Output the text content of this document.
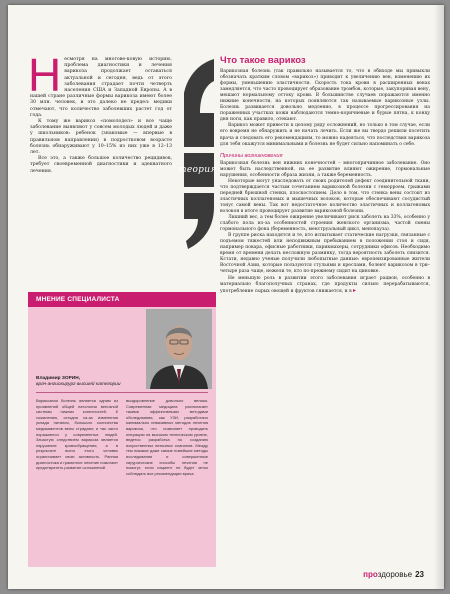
Несмотря на многове-ковую историю, проблема диагностики и лечения варикоза продолжает оставаться актуальной и сегодня, ведь от этого заболевания страдает почти четверть населения США и Западной Европы. А в нашей стране различные формы варикоза имеют более 30 млн. человек, и это далеко не предел: медики отмечают, что количество заболевших растет год от года.

К тому же варикоз «помолодел» и все чаще заболевание выявляют у совсем молодых людей и даже у школьников: ребенок (знакомые — впервые в правильном направлении) в подростковом возрасте болезнь обнаруживают у 10–15% из них уже в 12–13 лет.

Все это, а также большое количество рецидивов, требует своевременной диагностики и адекватного лечения.	теория
Что такое варикоз

Варикозная болезнь (так правильно называется то, что в обиходе мы привыкли обозначать кратким словом «варикоз») приводит к увеличению вен, изменению их формы, уменьшению эластичности. Скорость тока крови в расширенных венах замедляется, что часто провоцирует образование тромбов, которые, закупоривая вену, мешают нормальному оттоку крови. В большинстве случаев поражаются именно нижние конечности, на которых появляются так называемые варикозные узлы. Болезнь развивается довольно медленно, в процессе прогрессирования на пораженных участках кожи наблюдаются темно-коричневые и бурые пятна, к концу дня ноги, как правило, отекают.

Варикоз может привести к целому ряду осложнений, но только в том случае, если его вовремя не обнаружить и не начать лечить. Если же вы твердо решили посетить врача и следовать его рекомендациям, то можно надеяться, что последствия варикоза для тебя окажутся минимальными и болезнь не будет сильно напоминать о себе.

Причины возникновения

Варикозная болезнь вен нижних конечностей – многопричинное заболевание. Оно может быть наследственной, на ее развитие влияют ожирение, гормональные нарушения, особенности образа жизни, а также беременность.

Некоторые могут унаследовать от своих родителей дефект соединительной ткани, что подтверждается частым сочетанием варикозной болезни с геморроем, грыжами передней брюшной стенки, плоскостопием. Дело в том, что стенка вены состоит из эластичных коллагеновых и мышечных волокон, которые обеспечивают сосудистый тонус самой вены. Так вот недостаточное количество эластичных и коллагеновых волокон в итоге провоцирует развитие варикозной болезни.

Лишний вес, а тем более ожирение увеличивают риск заболеть на 33%, особенно у слабого пола из-за особенностей строения женского организма, частой смены гормонального фона (беременность, менструальный цикл, менопауза).

В группе риска находятся и те, кто испытывает статические нагрузки, связанные с подъемом тяжестей или неподвижным пребыванием в положении стоя и сидя, например повара, офисные работники, парикмахеры, сотрудники офисов. Необходимо время от времени делать несложную разминку, тогда вероятность заболеть снизится. Кстати, недавно ученые получили любопытные данные: европеизированные жители Восточной Азии, которые пользуются стульями и креслами, болеют варикозом в три–четыре раза чаще, нежели те, кто по-прежнему сидит на циновке.

Не меньшую роль в развитии этого заболевания играет рацион, особенно в материально благополучных странах, где продукты сильно перерабатываются, употребление сырых овощей и фруктов снижается, и в ▸

МНЕНИЕ СПЕЦИАЛИСТА
Владимир ЗОРИН,
врач-ангиохирург высшей категории
Варикозная болезнь является одним из проявлений общей патологии венозной системы нижних конечностей. К сожалению, сегодня из-за изменения уклада питания, большого количества медикаментов вены страдают, и так часто поражаются у современных людей. Зачастую следствием варикоза является нарушение кровообращения, а в результате всего этого человек ограничивает свою активность. Ранняя диагностика и грамотное лечение помогают предотвратить развитие осложнений.
выздоровление довольно велика. Современная медицина располагает такими эффективными методами обследования, как УЗИ, разработано минимально инвазивных методов лечения варикоза, что позволяет проводить операцию на высоком техническом уровне, ведется разработка по созданию искусственных венозных клапанов. Между тем никакие даже самые новейшие методы исследования и совершенные хирургические способы лечения не помогут, если пациент не будет четко соблюдать все рекомендации врача.
проздоровье 23
